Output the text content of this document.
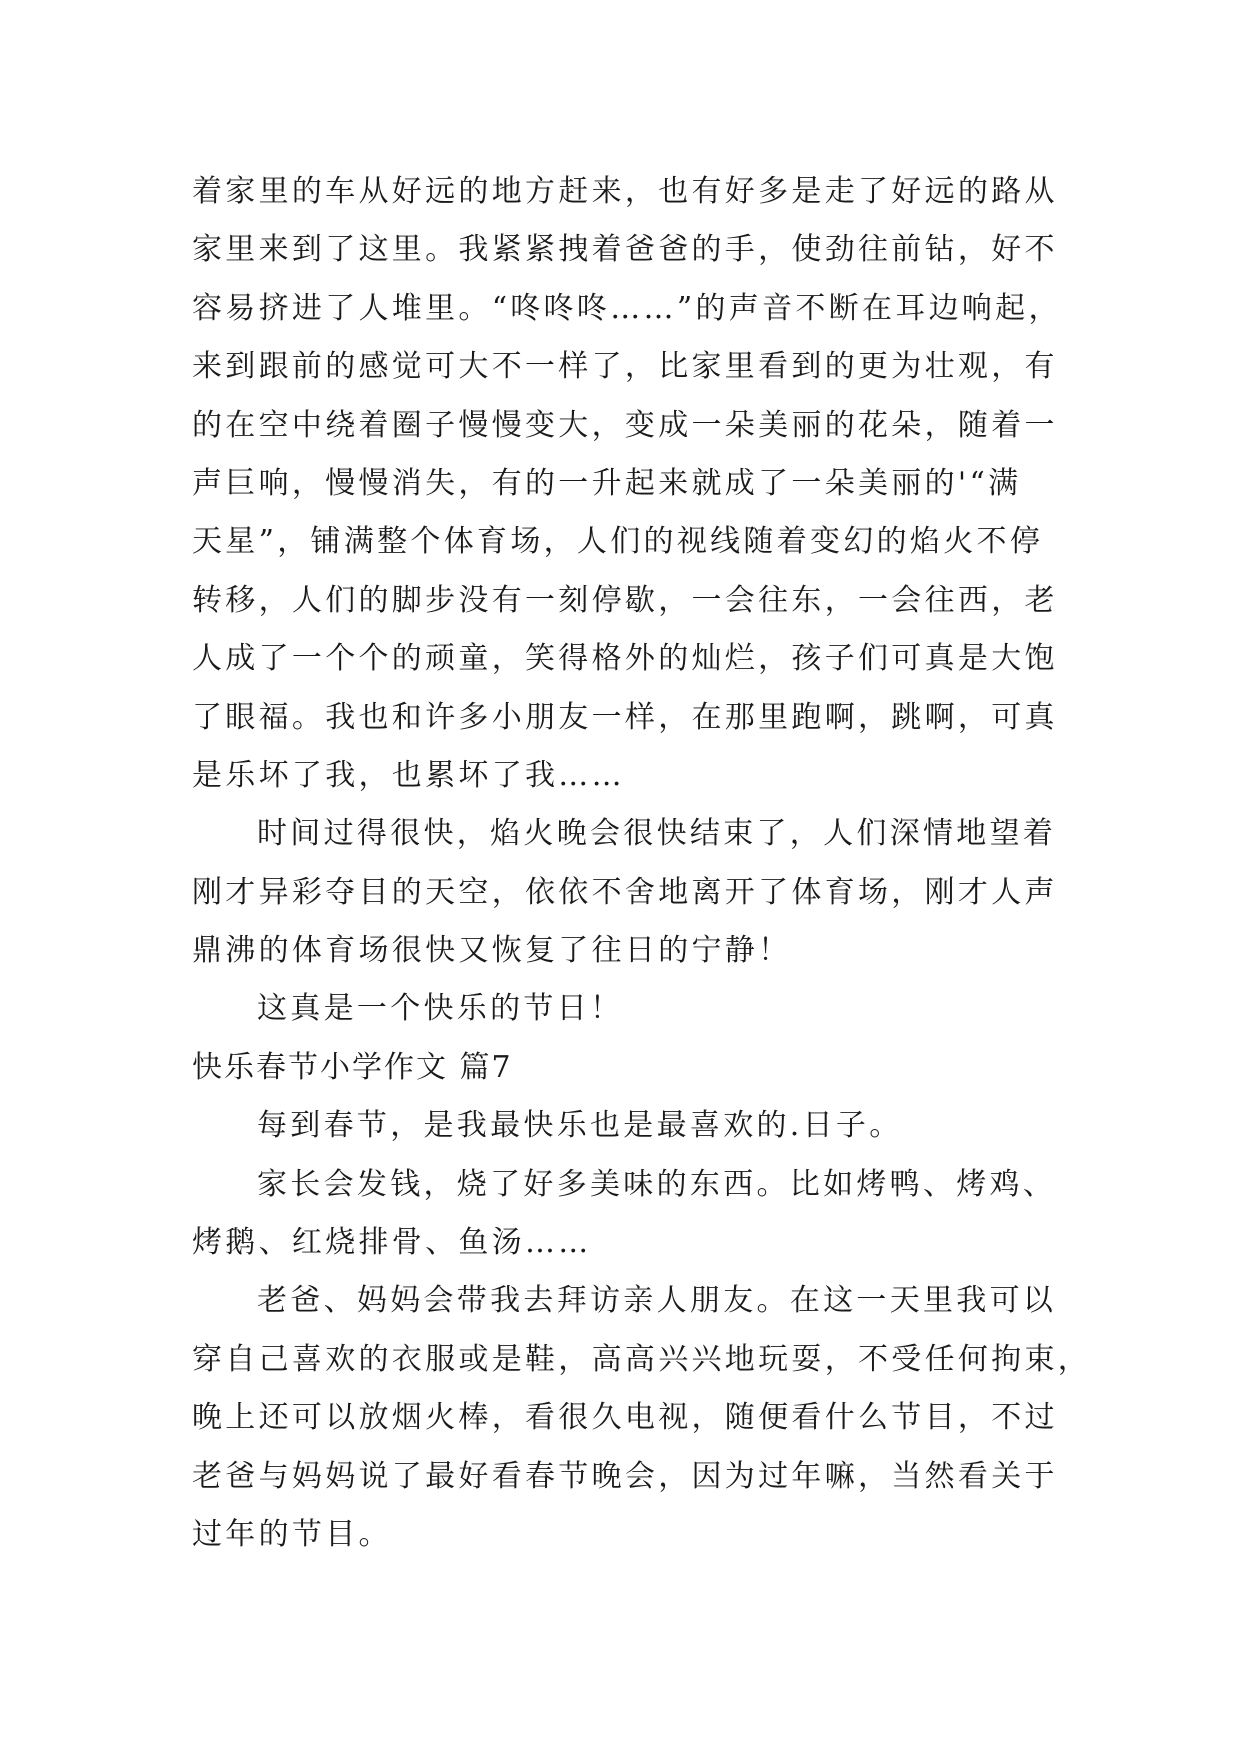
着家里的车从好远的地方赶来，也有好多是走了好远的路从
家里来到了这里。我紧紧拽着爸爸的手，使劲往前钻，好不
容易挤进了人堆里。“咚咚咚……”的声音不断在耳边响起，
来到跟前的感觉可大不一样了，比家里看到的更为壮观，有
的在空中绕着圈子慢慢变大，变成一朵美丽的花朵，随着一
声巨响，慢慢消失，有的一升起来就成了一朵美丽的'“满
天星”，铺满整个体育场，人们的视线随着变幻的焰火不停
转移，人们的脚步没有一刻停歇，一会往东，一会往西，老
人成了一个个的顽童，笑得格外的灿烂，孩子们可真是大饱
了眼福。我也和许多小朋友一样，在那里跑啊，跳啊，可真
是乐坏了我，也累坏了我……
时间过得很快，焰火晚会很快结束了，人们深情地望着
刚才异彩夺目的天空，依依不舍地离开了体育场，刚才人声
鼎沸的体育场很快又恢复了往日的宁静！
这真是一个快乐的节日！
快乐春节小学作文 篇7
每到春节，是我最快乐也是最喜欢的.日子。
家长会发钱，烧了好多美味的东西。比如烤鸭、烤鸡、
烤鹅、红烧排骨、鱼汤……
老爸、妈妈会带我去拜访亲人朋友。在这一天里我可以
穿自己喜欢的衣服或是鞋，高高兴兴地玩耍，不受任何拘束，
晚上还可以放烟火棒，看很久电视，随便看什么节目，不过
老爸与妈妈说了最好看春节晚会，因为过年嘛，当然看关于
过年的节目。
